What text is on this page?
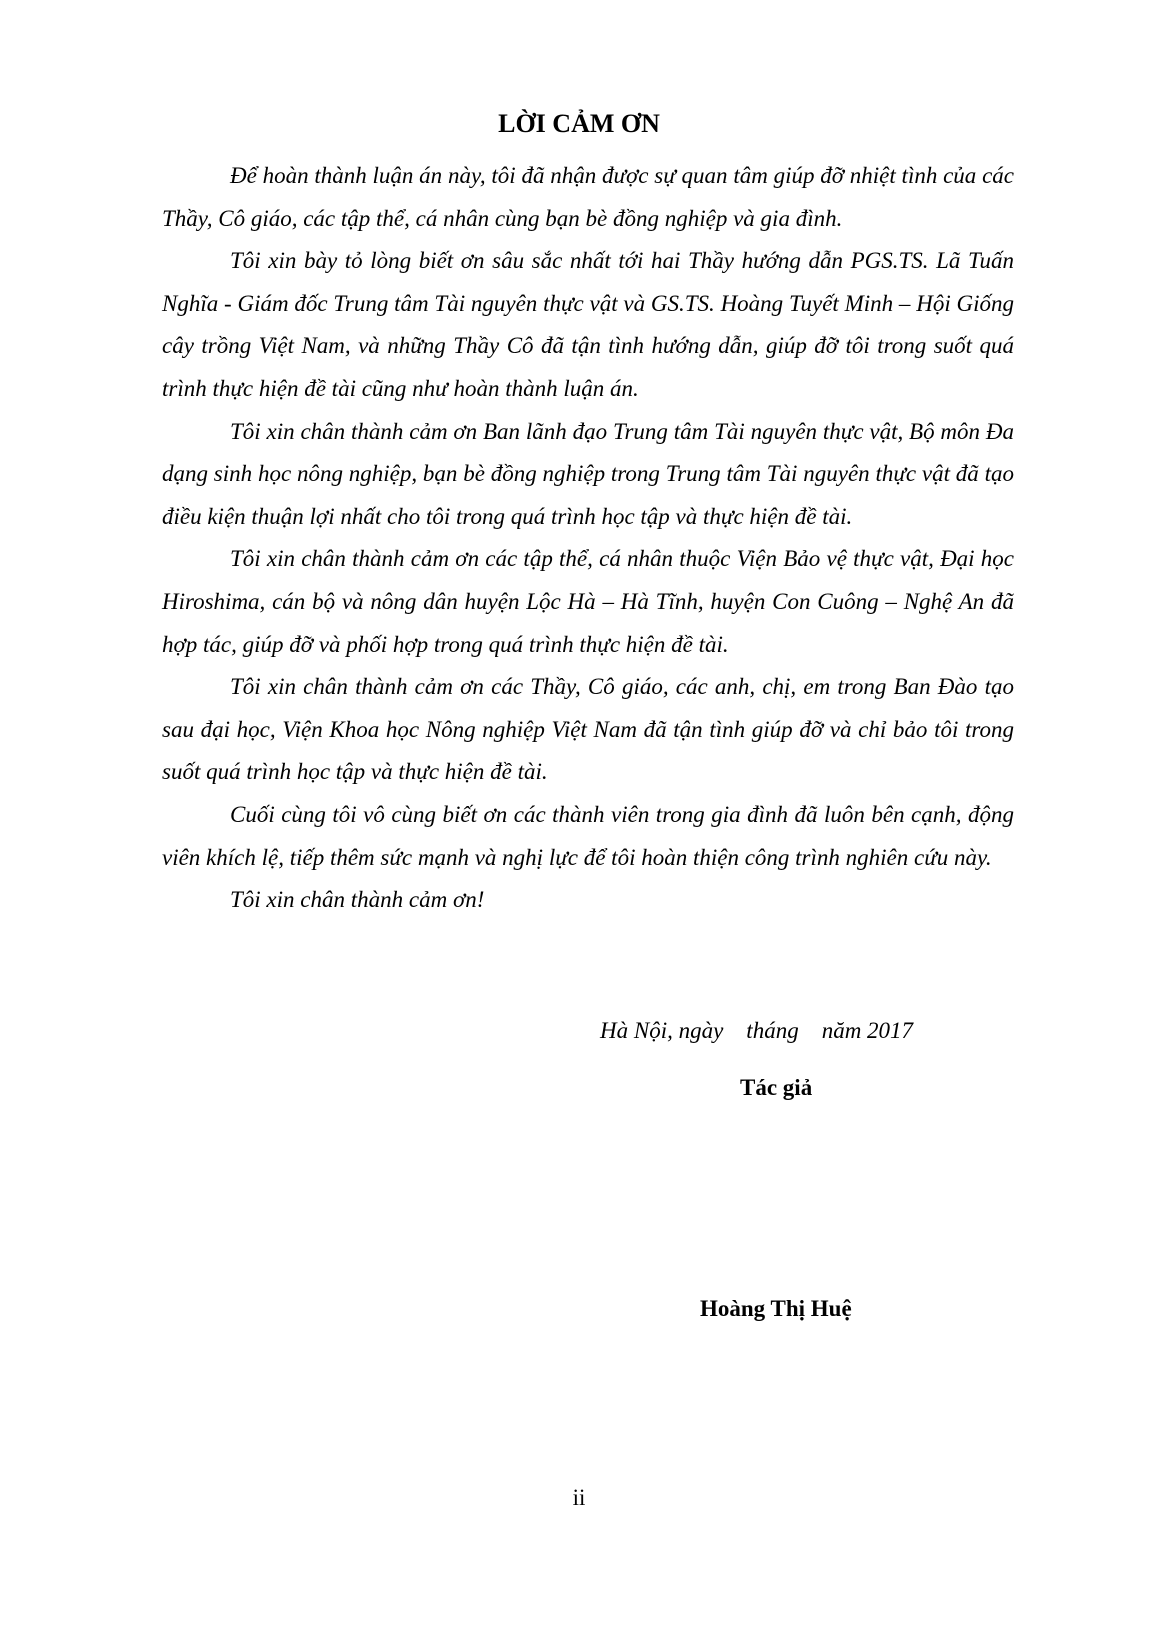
LỜI CẢM ƠN

Để hoàn thành luận án này, tôi đã nhận được sự quan tâm giúp đỡ nhiệt tình của các Thầy, Cô giáo, các tập thể, cá nhân cùng bạn bè đồng nghiệp và gia đình.

Tôi xin bày tỏ lòng biết ơn sâu sắc nhất tới hai Thầy hướng dẫn PGS.TS. Lã Tuấn Nghĩa - Giám đốc Trung tâm Tài nguyên thực vật và GS.TS. Hoàng Tuyết Minh – Hội Giống cây trồng Việt Nam, và những Thầy Cô đã tận tình hướng dẫn, giúp đỡ tôi trong suốt quá trình thực hiện đề tài cũng như hoàn thành luận án.

Tôi xin chân thành cảm ơn Ban lãnh đạo Trung tâm Tài nguyên thực vật, Bộ môn Đa dạng sinh học nông nghiệp, bạn bè đồng nghiệp trong Trung tâm Tài nguyên thực vật đã tạo điều kiện thuận lợi nhất cho tôi trong quá trình học tập và thực hiện đề tài.

Tôi xin chân thành cảm ơn các tập thể, cá nhân thuộc Viện Bảo vệ thực vật, Đại học Hiroshima, cán bộ và nông dân huyện Lộc Hà – Hà Tĩnh, huyện Con Cuông – Nghệ An đã hợp tác, giúp đỡ và phối hợp trong quá trình thực hiện đề tài.

Tôi xin chân thành cảm ơn các Thầy, Cô giáo, các anh, chị, em trong Ban Đào tạo sau đại học, Viện Khoa học Nông nghiệp Việt Nam đã tận tình giúp đỡ và chỉ bảo tôi trong suốt quá trình học tập và thực hiện đề tài.

Cuối cùng tôi vô cùng biết ơn các thành viên trong gia đình đã luôn bên cạnh, động viên khích lệ, tiếp thêm sức mạnh và nghị lực để tôi hoàn thiện công trình nghiên cứu này.

Tôi xin chân thành cảm ơn!

Hà Nội, ngày    tháng    năm 2017
Tác giả
Hoàng Thị Huệ
ii
